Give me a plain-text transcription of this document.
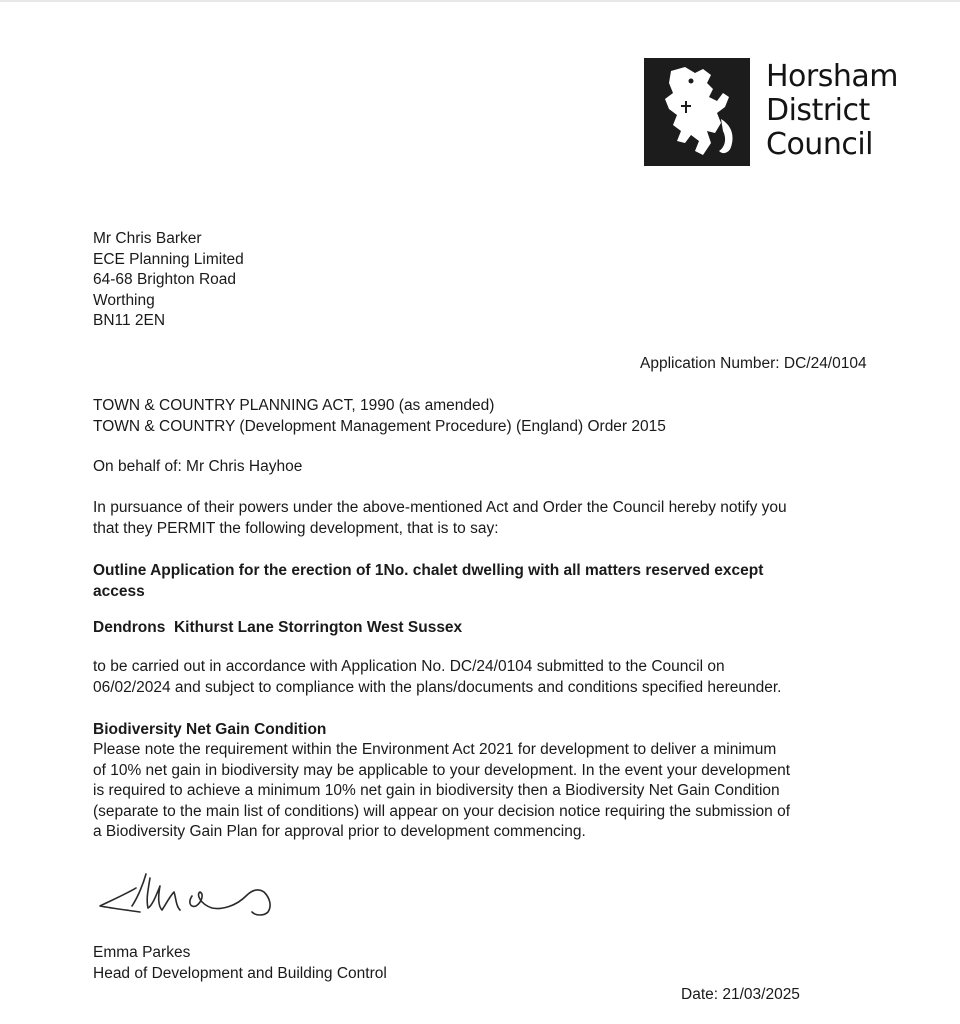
Horsham
District
Council
Mr Chris Barker
ECE Planning Limited
64-68 Brighton Road
Worthing
BN11 2EN
Application Number: DC/24/0104
TOWN & COUNTRY PLANNING ACT, 1990 (as amended)
TOWN & COUNTRY (Development Management Procedure) (England) Order 2015
On behalf of: Mr Chris Hayhoe
In pursuance of their powers under the above-mentioned Act and Order the Council hereby notify you
that they PERMIT the following development, that is to say:
Outline Application for the erection of 1No. chalet dwelling with all matters reserved except
access
Dendrons  Kithurst Lane Storrington West Sussex
to be carried out in accordance with Application No. DC/24/0104 submitted to the Council on
06/02/2024 and subject to compliance with the plans/documents and conditions specified hereunder.
Biodiversity Net Gain Condition
Please note the requirement within the Environment Act 2021 for development to deliver a minimum
of 10% net gain in biodiversity may be applicable to your development. In the event your development
is required to achieve a minimum 10% net gain in biodiversity then a Biodiversity Net Gain Condition
(separate to the main list of conditions) will appear on your decision notice requiring the submission of
a Biodiversity Gain Plan for approval prior to development commencing.
Emma Parkes
Head of Development and Building Control
Date: 21/03/2025
